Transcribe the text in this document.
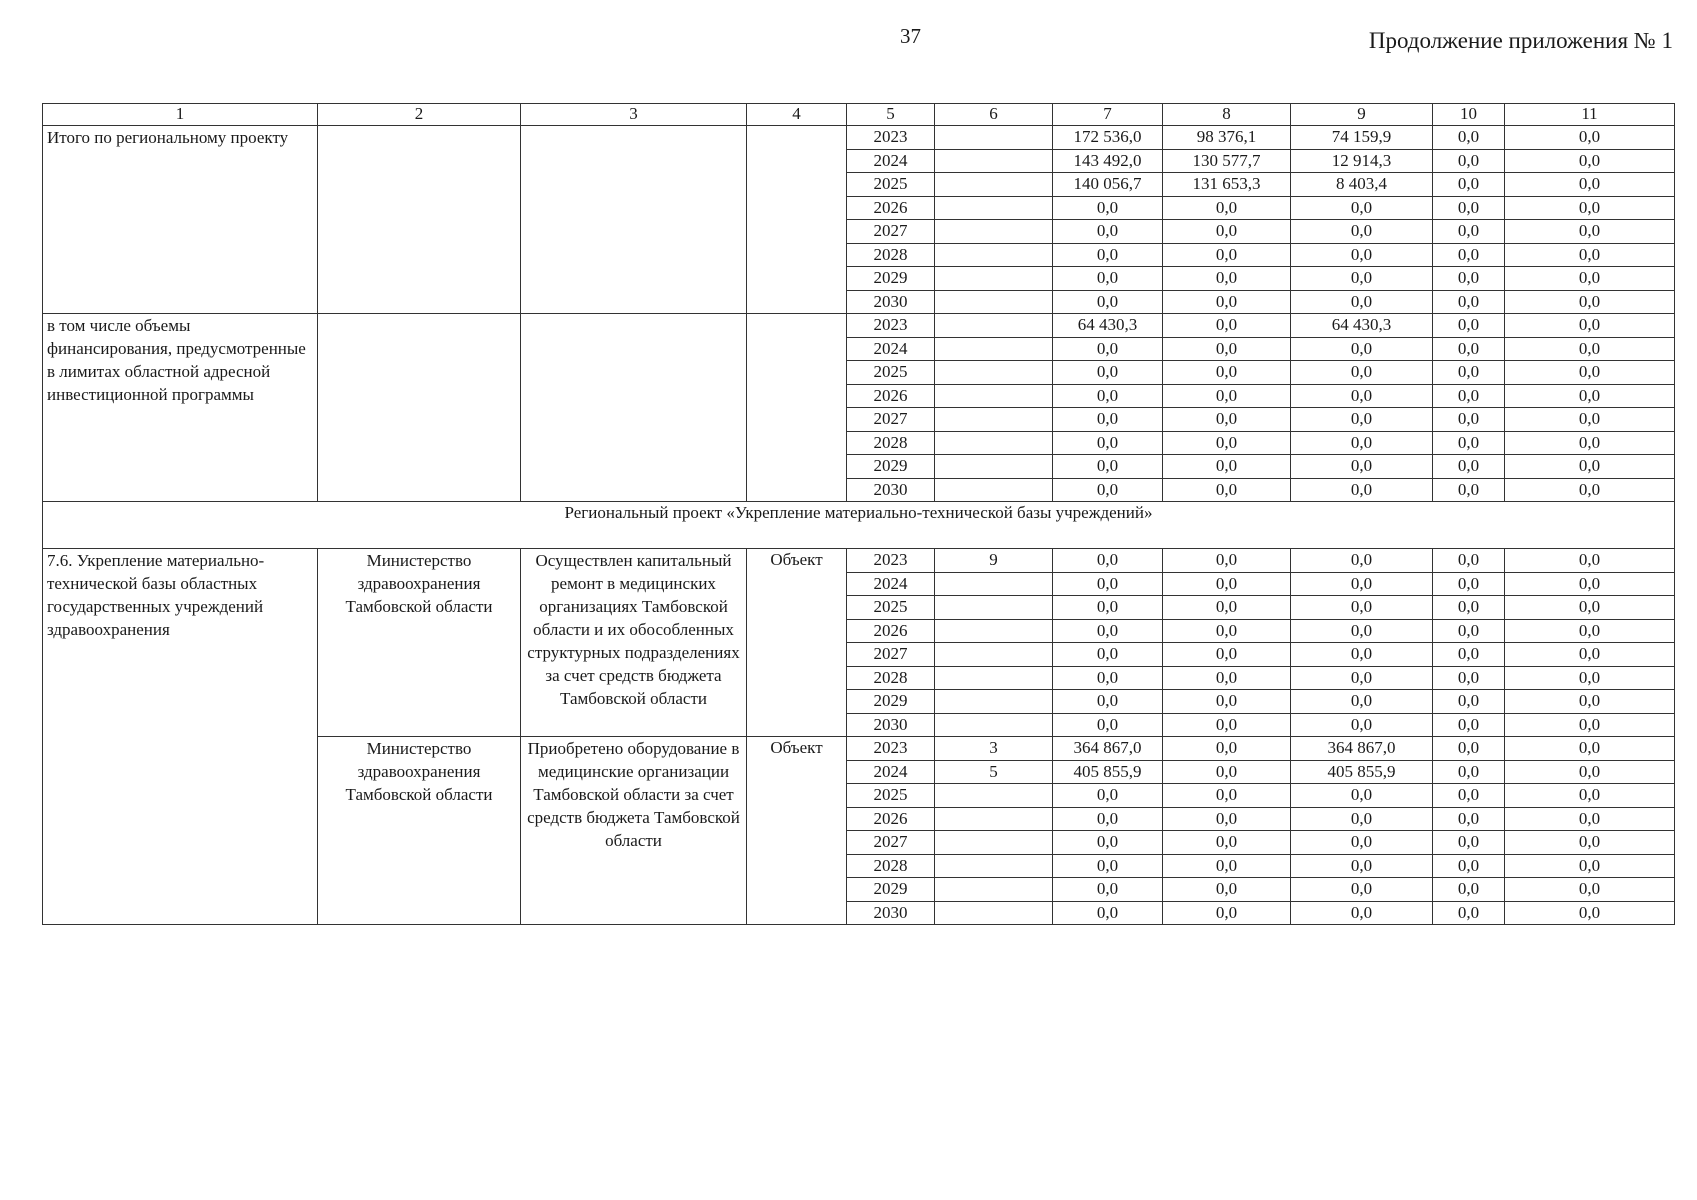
37	Продолжение приложения № 1
1	2	3	4	5	6	7	8	9	10	11
Итого по региональному проекту				2023		172 536,0	98 376,1	74 159,9	0,0	0,0
				2024		143 492,0	130 577,7	12 914,3	0,0	0,0
				2025		140 056,7	131 653,3	8 403,4	0,0	0,0
				2026		0,0	0,0	0,0	0,0	0,0
				2027		0,0	0,0	0,0	0,0	0,0
				2028		0,0	0,0	0,0	0,0	0,0
				2029		0,0	0,0	0,0	0,0	0,0
				2030		0,0	0,0	0,0	0,0	0,0
в том числе объемы финансирования, предусмотренные в лимитах областной адресной инвестиционной программы				2023		64 430,3	0,0	64 430,3	0,0	0,0
				2024		0,0	0,0	0,0	0,0	0,0
				2025		0,0	0,0	0,0	0,0	0,0
				2026		0,0	0,0	0,0	0,0	0,0
				2027		0,0	0,0	0,0	0,0	0,0
				2028		0,0	0,0	0,0	0,0	0,0
				2029		0,0	0,0	0,0	0,0	0,0
				2030		0,0	0,0	0,0	0,0	0,0
Региональный проект «Укрепление материально-технической базы учреждений»										
7.6. Укрепление материально-технической базы областных государственных учреждений здравоохранения	Министерство здравоохранения Тамбовской области	Осуществлен капитальный ремонт в медицинских организациях Тамбовской области и их обособленных структурных подразделениях за счет средств бюджета Тамбовской области	Объект	2023	9	0,0	0,0	0,0	0,0	0,0
				2024		0,0	0,0	0,0	0,0	0,0
				2025		0,0	0,0	0,0	0,0	0,0
				2026		0,0	0,0	0,0	0,0	0,0
				2027		0,0	0,0	0,0	0,0	0,0
				2028		0,0	0,0	0,0	0,0	0,0
				2029		0,0	0,0	0,0	0,0	0,0
				2030		0,0	0,0	0,0	0,0	0,0
	Министерство здравоохранения Тамбовской области	Приобретено оборудование в медицинские организации Тамбовской области за счет средств бюджета Тамбовской области	Объект	2023	3	364 867,0	0,0	364 867,0	0,0	0,0
				2024	5	405 855,9	0,0	405 855,9	0,0	0,0
				2025		0,0	0,0	0,0	0,0	0,0
				2026		0,0	0,0	0,0	0,0	0,0
				2027		0,0	0,0	0,0	0,0	0,0
				2028		0,0	0,0	0,0	0,0	0,0
				2029		0,0	0,0	0,0	0,0	0,0
				2030		0,0	0,0	0,0	0,0	0,0
